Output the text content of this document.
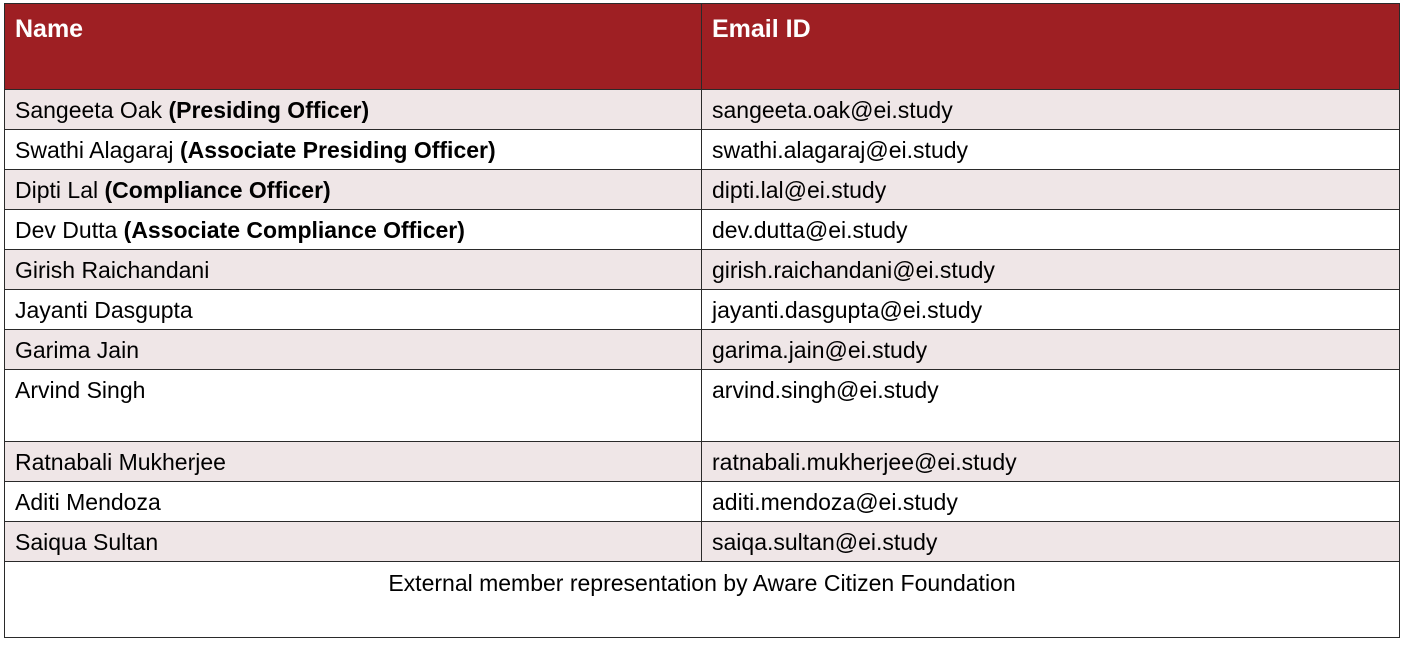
Name	Email ID
Sangeeta Oak (Presiding Officer)	sangeeta.oak@ei.study
Swathi Alagaraj (Associate Presiding Officer)	swathi.alagaraj@ei.study
Dipti Lal (Compliance Officer)	dipti.lal@ei.study
Dev Dutta (Associate Compliance Officer)	dev.dutta@ei.study
Girish Raichandani	girish.raichandani@ei.study
Jayanti Dasgupta	jayanti.dasgupta@ei.study
Garima Jain	garima.jain@ei.study
Arvind Singh	arvind.singh@ei.study
Ratnabali Mukherjee	ratnabali.mukherjee@ei.study
Aditi Mendoza	aditi.mendoza@ei.study
Saiqua Sultan	saiqa.sultan@ei.study
External member representation by Aware Citizen Foundation	
